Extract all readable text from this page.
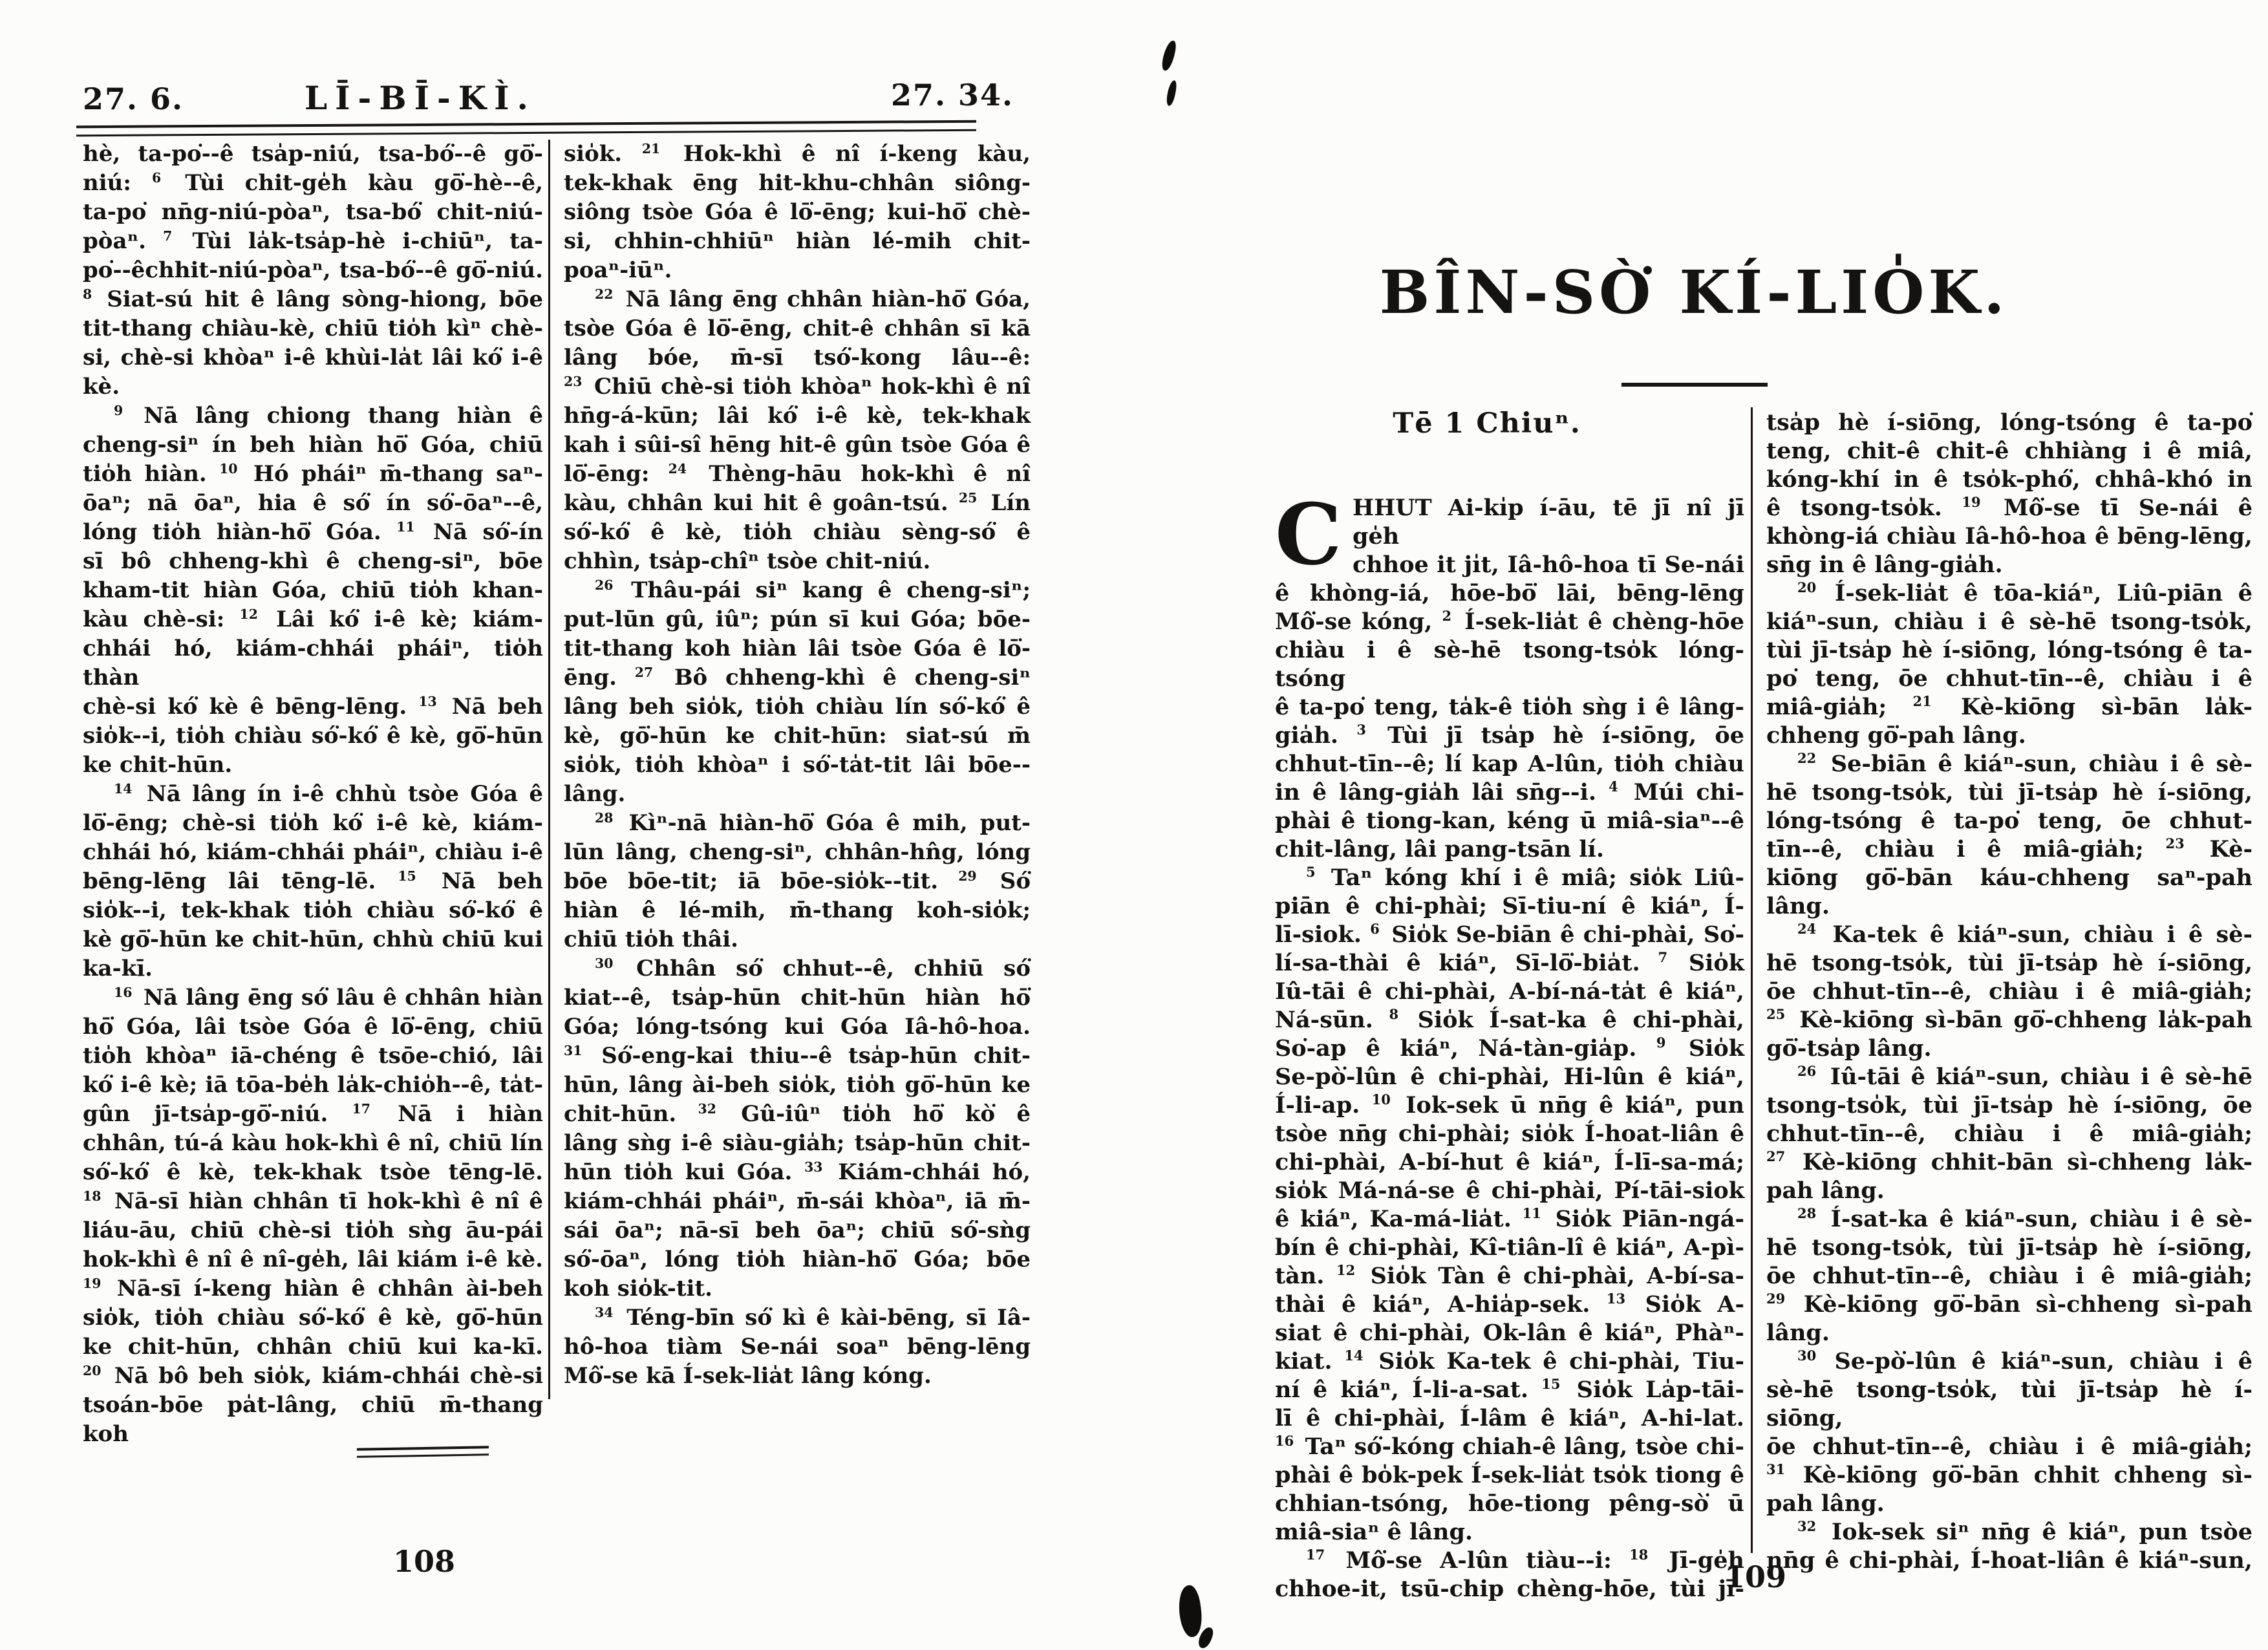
27. 6.	LĪ-BĪ-KÌ.	27. 34.
hè, ta-po͘--ê tsa̍p-niú, tsa-bó͘--ê gō͘-
niú: $^6$ Tùi chit-ge̍h kàu gō͘-hè--ê,
ta-po͘ nn̄g-niú-pòaⁿ, tsa-bó͘ chit-niú-
pòaⁿ. $^7$ Tùi la̍k-tsa̍p-hè i-chiūⁿ, ta-
po͘--êchhit-niú-pòaⁿ, tsa-bó͘--ê gō͘-niú.
$^8$ Siat-sú hit ê lâng sòng-hiong, bōe
tit-thang chiàu-kè, chiū tio̍h kìⁿ chè-
si, chè-si khòaⁿ i-ê khùi-la̍t lâi kó͘ i-ê
kè.
$^9$ Nā lâng chiong thang hiàn ê
cheng-siⁿ ín beh hiàn hō͘ Góa, chiū
tio̍h hiàn. $^{10}$ Hó pháiⁿ m̄-thang saⁿ-
ōaⁿ; nā ōaⁿ, hia ê só͘ ín só͘-ōaⁿ--ê,
lóng tio̍h hiàn-hō͘ Góa. $^{11}$ Nā só͘-ín
sī bô chheng-khì ê cheng-siⁿ, bōe
kham-tit hiàn Góa, chiū tio̍h khan-
kàu chè-si: $^{12}$ Lâi kó͘ i-ê kè; kiám-
chhái hó, kiám-chhái pháiⁿ, tio̍h thàn
chè-si kó͘ kè ê bēng-lēng. $^{13}$ Nā beh
sio̍k--i, tio̍h chiàu só͘-kó͘ ê kè, gō͘-hūn
ke chit-hūn.
$^{14}$ Nā lâng ín i-ê chhù tsòe Góa ê
lō͘-ēng; chè-si tio̍h kó͘ i-ê kè, kiám-
chhái hó, kiám-chhái pháiⁿ, chiàu i-ê
bēng-lēng lâi tēng-lē. $^{15}$ Nā beh
sio̍k--i, tek-khak tio̍h chiàu só͘-kó͘ ê
kè gō͘-hūn ke chit-hūn, chhù chiū kui
ka-kī.
$^{16}$ Nā lâng ēng só͘ lâu ê chhân hiàn
hō͘ Góa, lâi tsòe Góa ê lō͘-ēng, chiū
tio̍h khòaⁿ iā-chéng ê tsōe-chió, lâi
kó͘ i-ê kè; iā tōa-be̍h la̍k-chio̍h--ê, ta̍t-
gûn jī-tsa̍p-gō͘-niú. $^{17}$ Nā i hiàn
chhân, tú-á kàu hok-khì ê nî, chiū lín
só͘-kó͘ ê kè, tek-khak tsòe tēng-lē.
$^{18}$ Nā-sī hiàn chhân tī hok-khì ê nî ê
liáu-āu, chiū chè-si tio̍h sǹg āu-pái
hok-khì ê nî ê nî-ge̍h, lâi kiám i-ê kè.
$^{19}$ Nā-sī í-keng hiàn ê chhân ài-beh
sio̍k, tio̍h chiàu só͘-kó͘ ê kè, gō͘-hūn
ke chit-hūn, chhân chiū kui ka-kī.
$^{20}$ Nā bô beh sio̍k, kiám-chhái chè-si
tsoán-bōe pa̍t-lâng, chiū m̄-thang koh
sio̍k. $^{21}$ Hok-khì ê nî í-keng kàu,
tek-khak ēng hit-khu-chhân siông-
siông tsòe Góa ê lō͘-ēng; kui-hō͘ chè-
si, chhin-chhiūⁿ hiàn lé-mih chit-
poaⁿ-iūⁿ.
$^{22}$ Nā lâng ēng chhân hiàn-hō͘ Góa,
tsòe Góa ê lō͘-ēng, chit-ê chhân sī kā
lâng bóe, m̄-sī tsó͘-kong lâu--ê:
$^{23}$ Chiū chè-si tio̍h khòaⁿ hok-khì ê nî
hn̄g-á-kūn; lâi kó͘ i-ê kè, tek-khak
kah i sûi-sî hēng hit-ê gûn tsòe Góa ê
lō͘-ēng: $^{24}$ Thèng-hāu hok-khì ê nî
kàu, chhân kui hit ê goân-tsú. $^{25}$ Lín
só͘-kó͘ ê kè, tio̍h chiàu sèng-só͘ ê
chhìn, tsa̍p-chîⁿ tsòe chit-niú.
$^{26}$ Thâu-pái siⁿ kang ê cheng-siⁿ;
put-lūn gû, iûⁿ; pún sī kui Góa; bōe-
tit-thang koh hiàn lâi tsòe Góa ê lō͘-
ēng. $^{27}$ Bô chheng-khì ê cheng-siⁿ
lâng beh sio̍k, tio̍h chiàu lín só͘-kó͘ ê
kè, gō͘-hūn ke chit-hūn: siat-sú m̄
sio̍k, tio̍h khòaⁿ i só͘-ta̍t-tit lâi bōe--
lâng.
$^{28}$ Kìⁿ-nā hiàn-hō͘ Góa ê mih, put-
lūn lâng, cheng-siⁿ, chhân-hn̂g, lóng
bōe bōe-tit; iā bōe-sio̍k--tit. $^{29}$ Só͘
hiàn ê lé-mih, m̄-thang koh-sio̍k;
chiū tio̍h thâi.
$^{30}$ Chhân só͘ chhut--ê, chhiū só͘
kiat--ê, tsa̍p-hūn chit-hūn hiàn hō͘
Góa; lóng-tsóng kui Góa Iâ-hô-hoa.
$^{31}$ Só͘-eng-kai thiu--ê tsa̍p-hūn chit-
hūn, lâng ài-beh sio̍k, tio̍h gō͘-hūn ke
chit-hūn. $^{32}$ Gû-iûⁿ tio̍h hō͘ kò͘ ê
lâng sǹg i-ê siàu-gia̍h; tsa̍p-hūn chit-
hūn tio̍h kui Góa. $^{33}$ Kiám-chhái hó,
kiám-chhái pháiⁿ, m̄-sái khòaⁿ, iā m̄-
sái ōaⁿ; nā-sī beh ōaⁿ; chiū só͘-sǹg
só͘-ōaⁿ, lóng tio̍h hiàn-hō͘ Góa; bōe
koh sio̍k-tit.
$^{34}$ Téng-bīn só͘ kì ê kài-bēng, sī Iâ-
hô-hoa tiàm Se-nái soaⁿ bēng-lēng
Mô͘-se kā Í-sek-lia̍t lâng kóng.
108
BÎN-SÒ͘ KÍ-LIO̍K.
Tē 1 Chiuⁿ.
C HHUT Ai-ki̍p í-āu, tē jī nî jī ge̍h
chhoe it ji̍t, Iâ-hô-hoa tī Se-nái
ê khòng-iá, hōe-bō͘ lāi, bēng-lēng
Mô͘-se kóng, $^2$ Í-sek-lia̍t ê chèng-hōe
chiàu i ê sè-hē tsong-tso̍k lóng-tsóng
ê ta-po͘ teng, ta̍k-ê tio̍h sǹg i ê lâng-
gia̍h. $^3$ Tùi jī tsa̍p hè í-siōng, ōe
chhut-tīn--ê; lí kap A-lûn, tio̍h chiàu
in ê lâng-gia̍h lâi sn̄g--i. $^4$ Múi chi-
phài ê tiong-kan, kéng ū miâ-siaⁿ--ê
chit-lâng, lâi pang-tsān lí.
$^5$ Taⁿ kóng khí i ê miâ; sio̍k Liû-
piān ê chi-phài; Sī-tiu-ní ê kiáⁿ, Í-
lī-siok. $^6$ Sio̍k Se-biān ê chi-phài, So͘-
lí-sa-thài ê kiáⁿ, Sī-lō͘-bia̍t. $^7$ Sio̍k
Iû-tāi ê chi-phài, A-bí-ná-ta̍t ê kiáⁿ,
Ná-sūn. $^8$ Sio̍k Í-sat-ka ê chi-phài,
So͘-ap ê kiáⁿ, Ná-tàn-gia̍p. $^9$ Sio̍k
Se-pò͘-lûn ê chi-phài, Hi-lûn ê kiáⁿ,
Í-li-ap. $^{10}$ Iok-sek ū nn̄g ê kiáⁿ, pun
tsòe nn̄g chi-phài; sio̍k Í-hoat-liân ê
chi-phài, A-bí-hut ê kiáⁿ, Í-lī-sa-má;
sio̍k Má-ná-se ê chi-phài, Pí-tāi-siok
ê kiáⁿ, Ka-má-lia̍t. $^{11}$ Sio̍k Piān-ngá-
bín ê chi-phài, Kî-tiân-lî ê kiáⁿ, A-pì-
tàn. $^{12}$ Sio̍k Tàn ê chi-phài, A-bí-sa-
thài ê kiáⁿ, A-hia̍p-sek. $^{13}$ Sio̍k A-
siat ê chi-phài, Ok-lân ê kiáⁿ, Phàⁿ-
kiat. $^{14}$ Sio̍k Ka-tek ê chi-phài, Tiu-
ní ê kiáⁿ, Í-li-a-sat. $^{15}$ Sio̍k La̍p-tāi-
lī ê chi-phài, Í-lâm ê kiáⁿ, A-hi-lat.
$^{16}$ Taⁿ só͘-kóng chiah-ê lâng, tsòe chi-
phài ê bo̍k-pek Í-sek-lia̍t tso̍k tiong ê
chhian-tsóng, hōe-tiong pêng-sò͘ ū
miâ-siaⁿ ê lâng.
$^{17}$ Mô͘-se A-lûn tiàu--i: $^{18}$ Jī-ge̍h
chhoe-it, tsū-chip chèng-hōe, tùi jī-
tsa̍p hè í-siōng, lóng-tsóng ê ta-po͘
teng, chit-ê chit-ê chhiàng i ê miâ,
kóng-khí in ê tso̍k-phó͘, chhâ-khó in
ê tsong-tso̍k. $^{19}$ Mô͘-se tī Se-nái ê
khòng-iá chiàu Iâ-hô-hoa ê bēng-lēng,
sn̄g in ê lâng-gia̍h.
$^{20}$ Í-sek-lia̍t ê tōa-kiáⁿ, Liû-piān ê
kiáⁿ-sun, chiàu i ê sè-hē tsong-tso̍k,
tùi jī-tsa̍p hè í-siōng, lóng-tsóng ê ta-
po͘ teng, ōe chhut-tīn--ê, chiàu i ê
miâ-gia̍h; $^{21}$ Kè-kiōng sì-bān la̍k-
chheng gō͘-pah lâng.
$^{22}$ Se-biān ê kiáⁿ-sun, chiàu i ê sè-
hē tsong-tso̍k, tùi jī-tsa̍p hè í-siōng,
lóng-tsóng ê ta-po͘ teng, ōe chhut-
tīn--ê, chiàu i ê miâ-gia̍h; $^{23}$ Kè-
kiōng gō͘-bān káu-chheng saⁿ-pah
lâng.
$^{24}$ Ka-tek ê kiáⁿ-sun, chiàu i ê sè-
hē tsong-tso̍k, tùi jī-tsa̍p hè í-siōng,
ōe chhut-tīn--ê, chiàu i ê miâ-gia̍h;
$^{25}$ Kè-kiōng sì-bān gō͘-chheng la̍k-pah
gō͘-tsa̍p lâng.
$^{26}$ Iû-tāi ê kiáⁿ-sun, chiàu i ê sè-hē
tsong-tso̍k, tùi jī-tsa̍p hè í-siōng, ōe
chhut-tīn--ê, chiàu i ê miâ-gia̍h;
$^{27}$ Kè-kiōng chhit-bān sì-chheng la̍k-
pah lâng.
$^{28}$ Í-sat-ka ê kiáⁿ-sun, chiàu i ê sè-
hē tsong-tso̍k, tùi jī-tsa̍p hè í-siōng,
ōe chhut-tīn--ê, chiàu i ê miâ-gia̍h;
$^{29}$ Kè-kiōng gō͘-bān sì-chheng sì-pah
lâng.
$^{30}$ Se-pò͘-lûn ê kiáⁿ-sun, chiàu i ê
sè-hē tsong-tso̍k, tùi jī-tsa̍p hè í-siōng,
ōe chhut-tīn--ê, chiàu i ê miâ-gia̍h;
$^{31}$ Kè-kiōng gō͘-bān chhit chheng sì-
pah lâng.
$^{32}$ Iok-sek siⁿ nn̄g ê kiáⁿ, pun tsòe
nn̄g ê chi-phài, Í-hoat-liân ê kiáⁿ-sun,
109
